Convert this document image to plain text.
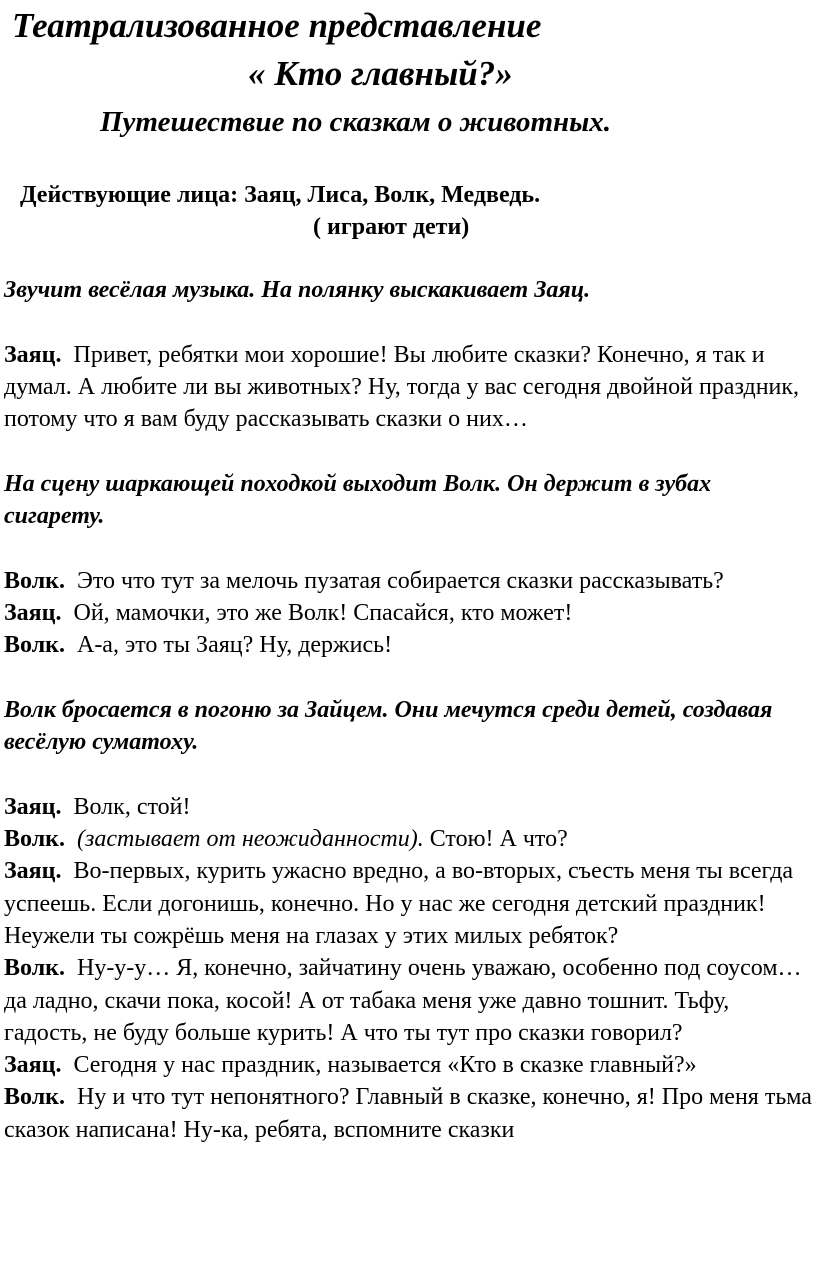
Театрализованное представление
« Кто главный?»
Путешествие по сказкам о животных.
Действующие лица: Заяц, Лиса, Волк, Медведь.
( играют дети)

Звучит весёлая музыка. На полянку выскакивает Заяц.

Заяц. Привет, ребятки мои хорошие! Вы любите сказки? Конечно, я так и думал. А любите ли вы животных? Ну, тогда у вас сегодня двойной праздник, потому что я вам буду рассказывать сказки о них…

На сцену шаркающей походкой выходит Волк. Он держит в зубах сигарету.

Волк. Это что тут за мелочь пузатая собирается сказки рассказывать?

Заяц. Ой, мамочки, это же Волк! Спасайся, кто может!

Волк. А-а, это ты Заяц? Ну, держись!

Волк бросается в погоню за Зайцем. Они мечутся среди детей, создавая весёлую суматоху.

Заяц. Волк, стой!

Волк. (застывает от неожиданности). Стою! А что?

Заяц. Во-первых, курить ужасно вредно, а во-вторых, съесть меня ты всегда успеешь. Если догонишь, конечно. Но у нас же сегодня детский праздник! Неужели ты сожрёшь меня на глазах у этих милых ребяток?

Волк. Ну-у-у… Я, конечно, зайчатину очень уважаю, особенно под соусом… да ладно, скачи пока, косой! А от табака меня уже давно тошнит. Тьфу, гадость, не буду больше курить! А что ты тут про сказки говорил?

Заяц. Сегодня у нас праздник, называется «Кто в сказке главный?»

Волк. Ну и что тут непонятного? Главный в сказке, конечно, я! Про меня тьма сказок написана! Ну-ка, ребята, вспомните сказки
